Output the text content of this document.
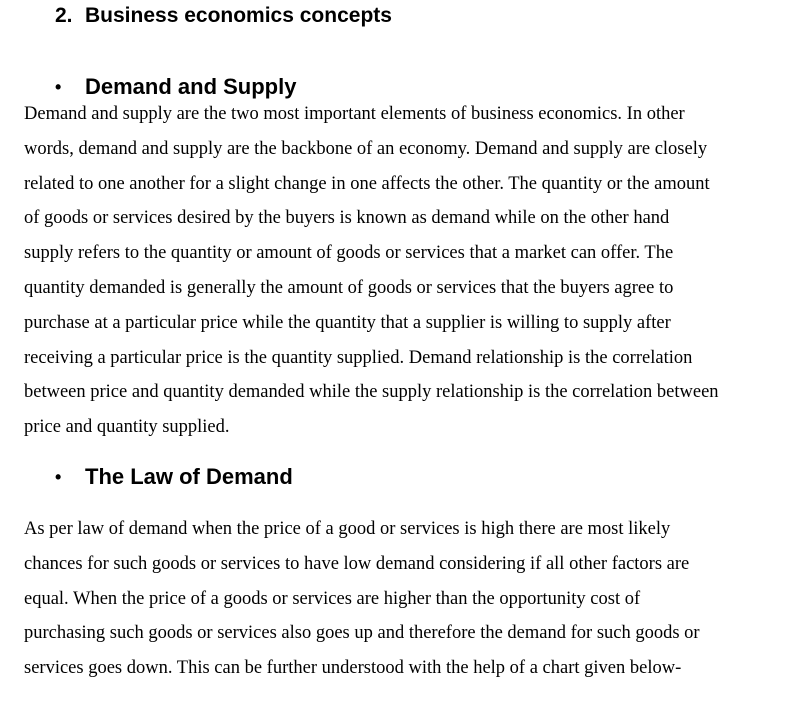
2. Business economics concepts
• Demand and Supply
Demand and supply are the two most important elements of business economics. In other
words, demand and supply are the backbone of an economy. Demand and supply are closely
related to one another for a slight change in one affects the other. The quantity or the amount
of goods or services desired by the buyers is known as demand while on the other hand
supply refers to the quantity or amount of goods or services that a market can offer. The
quantity demanded is generally the amount of goods or services that the buyers agree to
purchase at a particular price while the quantity that a supplier is willing to supply after
receiving a particular price is the quantity supplied. Demand relationship is the correlation
between price and quantity demanded while the supply relationship is the correlation between
price and quantity supplied.
• The Law of Demand
As per law of demand when the price of a good or services is high there are most likely
chances for such goods or services to have low demand considering if all other factors are
equal. When the price of a goods or services are higher than the opportunity cost of
purchasing such goods or services also goes up and therefore the demand for such goods or
services goes down. This can be further understood with the help of a chart given below-
